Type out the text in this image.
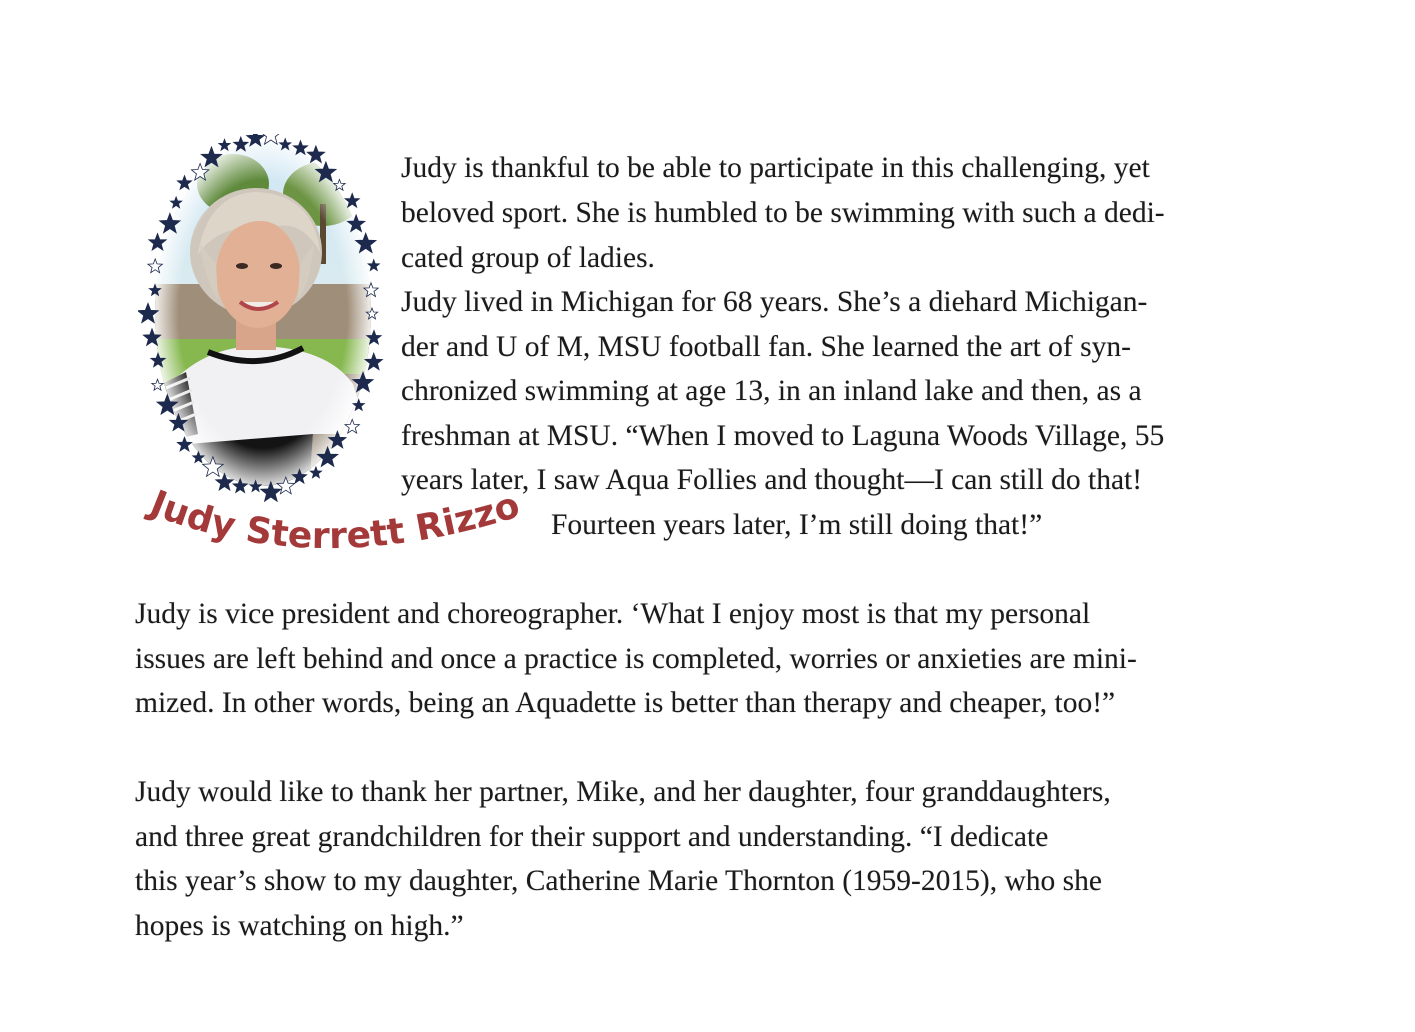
Judy Sterrett Rizzo
Judy is thankful to be able to participate in this challenging, yet
beloved sport. She is humbled to be swimming with such a dedi-
cated group of ladies.
Judy lived in Michigan for 68 years. She’s a diehard Michigan-
der and U of M, MSU football fan. She learned the art of syn-
chronized swimming at age 13, in an inland lake and then, as a
freshman at MSU. “When I moved to Laguna Woods Village, 55
years later, I saw Aqua Follies and thought—I can still do that!
Fourteen years later, I’m still doing that!”
Judy is vice president and choreographer. ‘What I enjoy most is that my personal
issues are left behind and once a practice is completed, worries or anxieties are mini-
mized. In other words, being an Aquadette is better than therapy and cheaper, too!”
Judy would like to thank her partner, Mike, and her daughter, four granddaughters,
and three great grandchildren for their support and understanding. “I dedicate
this year’s show to my daughter, Catherine Marie Thornton (1959-2015), who she
hopes is watching on high.”
